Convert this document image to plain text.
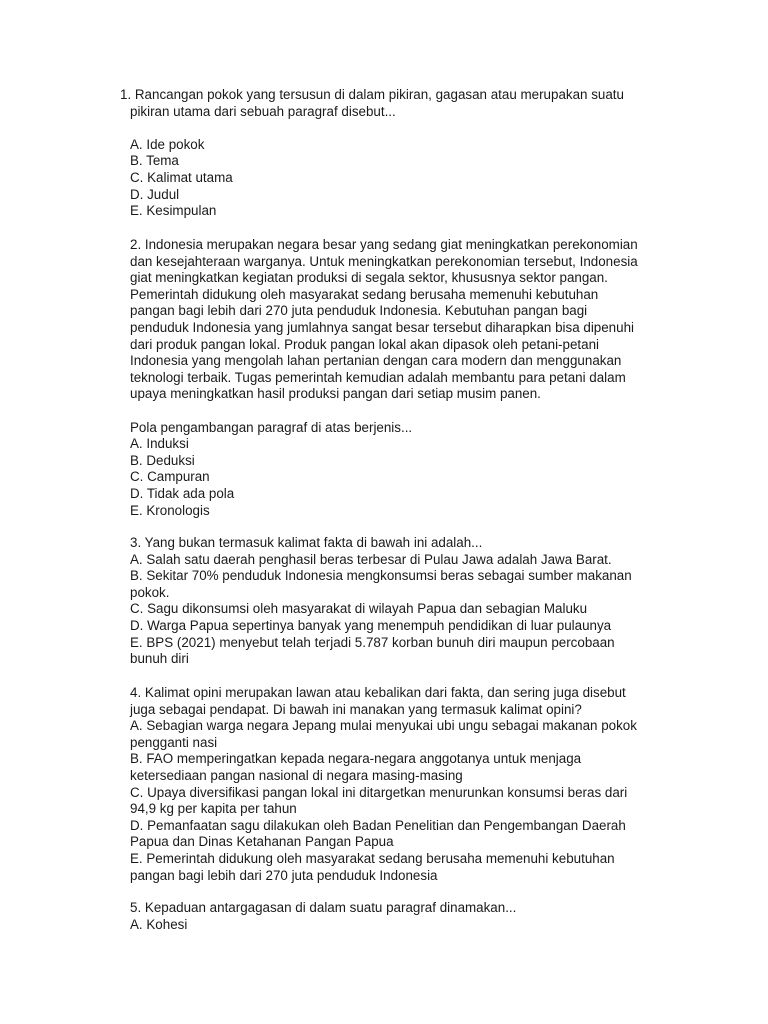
1. Rancangan pokok yang tersusun di dalam pikiran, gagasan atau merupakan suatu
pikiran utama dari sebuah paragraf disebut...
A. Ide pokok
B. Tema
C. Kalimat utama
D. Judul
E. Kesimpulan
2. Indonesia merupakan negara besar yang sedang giat meningkatkan perekonomian
dan kesejahteraan warganya. Untuk meningkatkan perekonomian tersebut, Indonesia
giat meningkatkan kegiatan produksi di segala sektor, khususnya sektor pangan.
Pemerintah didukung oleh masyarakat sedang berusaha memenuhi kebutuhan
pangan bagi lebih dari 270 juta penduduk Indonesia. Kebutuhan pangan bagi
penduduk Indonesia yang jumlahnya sangat besar tersebut diharapkan bisa dipenuhi
dari produk pangan lokal. Produk pangan lokal akan dipasok oleh petani-petani
Indonesia yang mengolah lahan pertanian dengan cara modern dan menggunakan
teknologi terbaik. Tugas pemerintah kemudian adalah membantu para petani dalam
upaya meningkatkan hasil produksi pangan dari setiap musim panen.
Pola pengambangan paragraf di atas berjenis...
A. Induksi
B. Deduksi
C. Campuran
D. Tidak ada pola
E. Kronologis
3. Yang bukan termasuk kalimat fakta di bawah ini adalah...
A. Salah satu daerah penghasil beras terbesar di Pulau Jawa adalah Jawa Barat.
B. Sekitar 70% penduduk Indonesia mengkonsumsi beras sebagai sumber makanan
pokok.
C. Sagu dikonsumsi oleh masyarakat di wilayah Papua dan sebagian Maluku
D. Warga Papua sepertinya banyak yang menempuh pendidikan di luar pulaunya
E. BPS (2021) menyebut telah terjadi 5.787 korban bunuh diri maupun percobaan
bunuh diri
4. Kalimat opini merupakan lawan atau kebalikan dari fakta, dan sering juga disebut
juga sebagai pendapat. Di bawah ini manakan yang termasuk kalimat opini?
A. Sebagian warga negara Jepang mulai menyukai ubi ungu sebagai makanan pokok
pengganti nasi
B. FAO memperingatkan kepada negara-negara anggotanya untuk menjaga
ketersediaan pangan nasional di negara masing-masing
C. Upaya diversifikasi pangan lokal ini ditargetkan menurunkan konsumsi beras dari
94,9 kg per kapita per tahun
D. Pemanfaatan sagu dilakukan oleh Badan Penelitian dan Pengembangan Daerah
Papua dan Dinas Ketahanan Pangan Papua
E. Pemerintah didukung oleh masyarakat sedang berusaha memenuhi kebutuhan
pangan bagi lebih dari 270 juta penduduk Indonesia
5. Kepaduan antargagasan di dalam suatu paragraf dinamakan...
A. Kohesi
